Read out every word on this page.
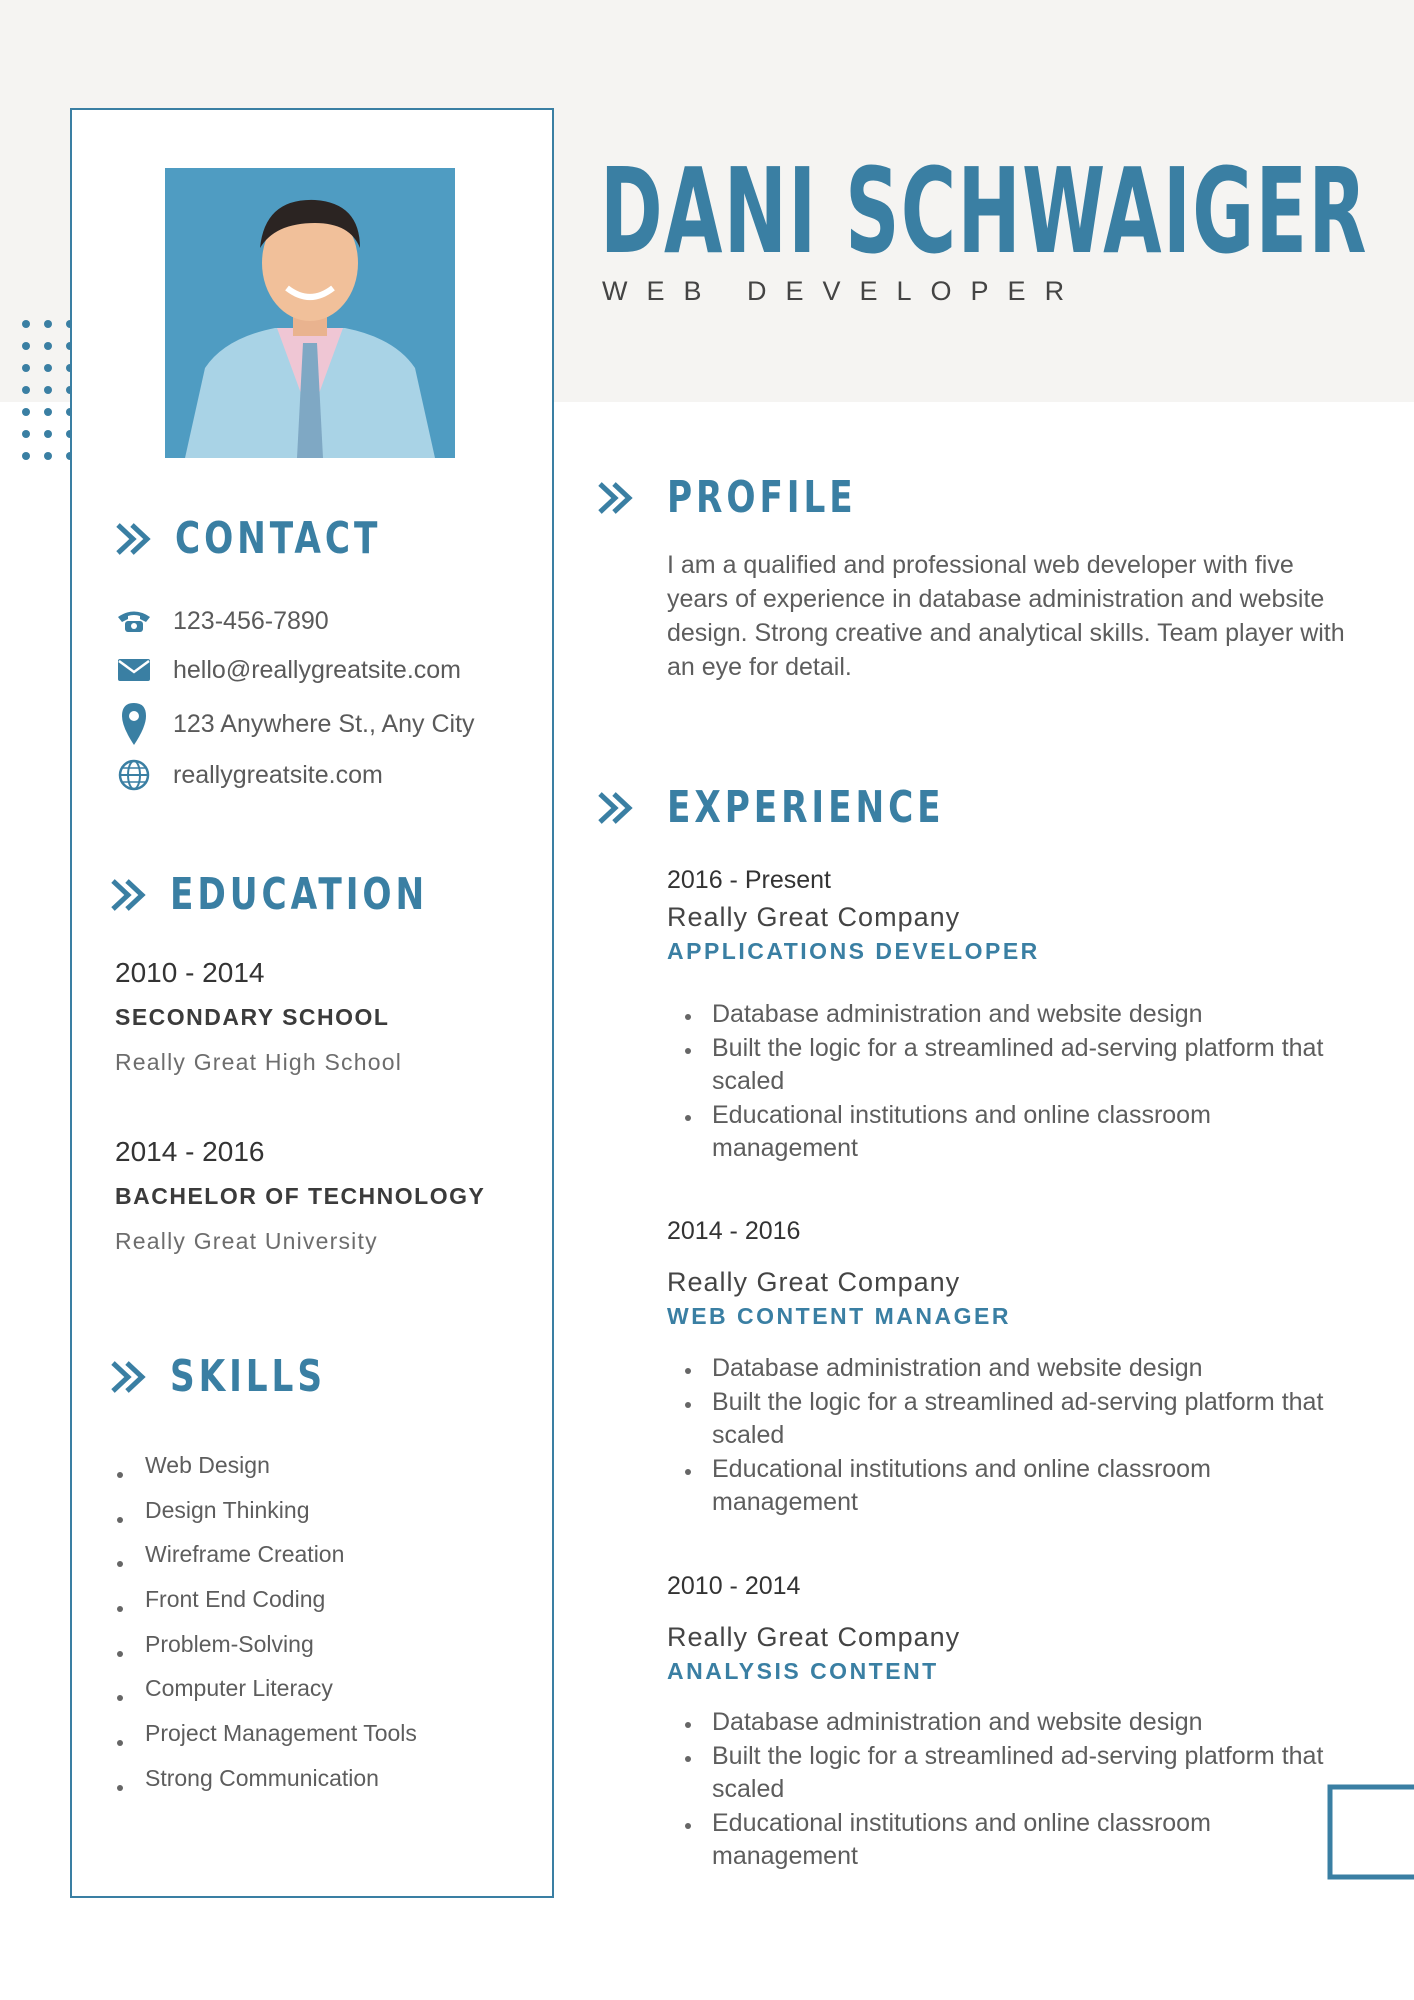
CONTACT
123-456-7890
hello@reallygreatsite.com
123 Anywhere St., Any City
reallygreatsite.com
EDUCATION
2010 - 2014
SECONDARY SCHOOL
Really Great High School
2014 - 2016
BACHELOR OF TECHNOLOGY
Really Great University
SKILLS
Web Design
Design Thinking
Wireframe Creation
Front End Coding
Problem-Solving
Computer Literacy
Project Management Tools
Strong Communication
DANI SCHWAIGER
WEB DEVELOPER
PROFILE
I am a qualified and professional web developer with five years of experience in database administration and website design. Strong creative and analytical skills. Team player with an eye for detail.
EXPERIENCE
2016 - Present
Really Great Company
APPLICATIONS DEVELOPER
Database administration and website design
Built the logic for a streamlined ad-serving platform that scaled
Educational institutions and online classroom management
2014 - 2016
Really Great Company
WEB CONTENT MANAGER
Database administration and website design
Built the logic for a streamlined ad-serving platform that scaled
Educational institutions and online classroom management
2010 - 2014
Really Great Company
ANALYSIS CONTENT
Database administration and website design
Built the logic for a streamlined ad-serving platform that scaled
Educational institutions and online classroom management
